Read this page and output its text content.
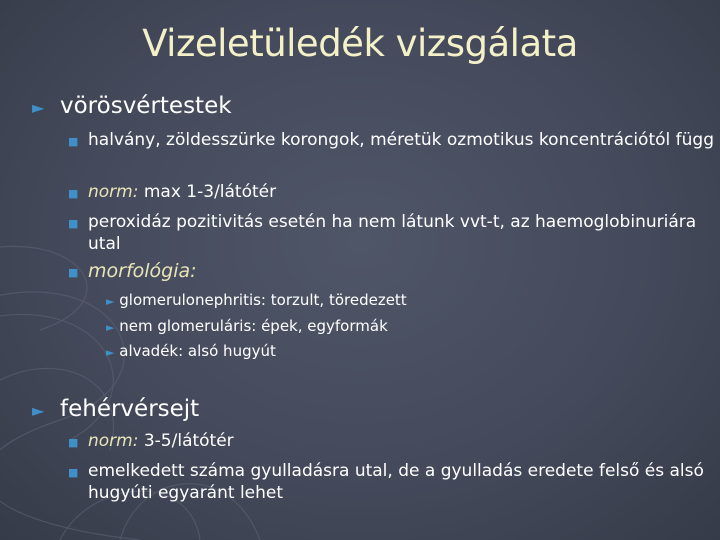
Vizeletüledék vizsgálata
► vörösvértestek
■ halvány, zöldesszürke korongok, méretük ozmotikus koncentrációtól függ
■ norm: max 1-3/látótér
■ peroxidáz pozitivitás esetén ha nem látunk vvt-t, az haemoglobinuriára utal
■ morfológia:
► glomerulonephritis: torzult, töredezett
► nem glomeruláris: épek, egyformák
► alvadék: alsó hugyút
► fehérvérsejt
■ norm: 3-5/látótér
■ emelkedett száma gyulladásra utal, de a gyulladás eredete felső és alsó hugyúti egyaránt lehet
